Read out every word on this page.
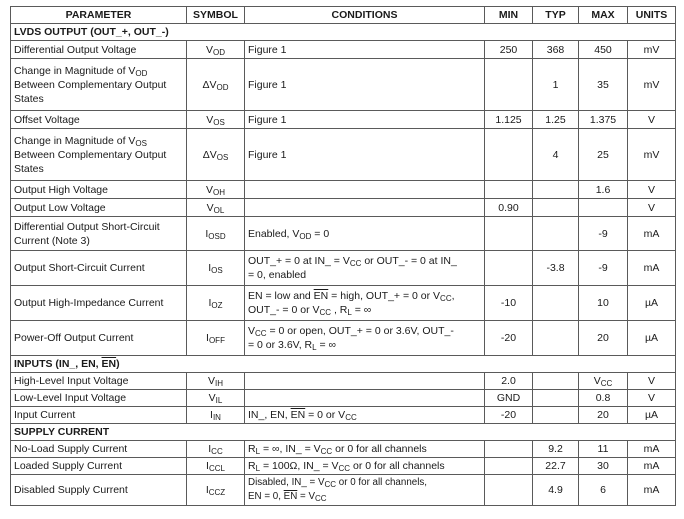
PARAMETER	SYMBOL	CONDITIONS	MIN	TYP	MAX	UNITS
LVDS OUTPUT (OUT_+, OUT_-)						
Differential Output Voltage	$V_{OD}$	Figure 1	250	368	450	mV
Change in Magnitude of $V_{OD}$
Between Complementary Output
States	$\Delta V_{OD}$	Figure 1		1	35	mV
Offset Voltage	$V_{OS}$	Figure 1	1.125	1.25	1.375	V
Change in Magnitude of $V_{OS}$
Between Complementary Output
States	$\Delta V_{OS}$	Figure 1		4	25	mV
Output High Voltage	$V_{OH}$				1.6	V
Output Low Voltage	$V_{OL}$		0.90			V
Differential Output Short-Circuit
Current (Note 3)	$I_{OSD}$	Enabled, $V_{OD} = 0$			-9	mA
Output Short-Circuit Current	$I_{OS}$	OUT_+ = 0 at IN_ = $V_{CC}$ or OUT_- = 0 at IN_
= 0, enabled		-3.8	-9	mA
Output High-Impedance Current	$I_{OZ}$	EN = low and $\overline{EN}$ = high, OUT_+ = 0 or $V_{CC}$,
OUT_- = 0 or $V_{CC}$ , $R_L$ = ∞	-10		10	µA
Power-Off Output Current	$I_{OFF}$	$V_{CC} = 0$ or open, OUT_+ = 0 or 3.6V, OUT_-
= 0 or 3.6V, $R_L$ = ∞	-20		20	µA
INPUTS (IN_, EN, $\overline{EN}$)						
High-Level Input Voltage	$V_{IH}$		2.0		$V_{CC}$	V
Low-Level Input Voltage	$V_{IL}$		GND		0.8	V
Input Current	$I_{IN}$	IN_, EN, $\overline{EN} = 0$ or $V_{CC}$	-20		20	µA
SUPPLY CURRENT						
No-Load Supply Current	$I_{CC}$	$R_L$ = ∞, IN_ = $V_{CC}$ or 0 for all channels		9.2	11	mA
Loaded Supply Current	$I_{CCL}$	$R_L = 100\Omega$, IN_ = $V_{CC}$ or 0 for all channels		22.7	30	mA
Disabled Supply Current	$I_{CCZ}$	Disabled, IN_ = $V_{CC}$ or 0 for all channels,
EN = 0, $\overline{EN} = V_{CC}$		4.9	6	mA
